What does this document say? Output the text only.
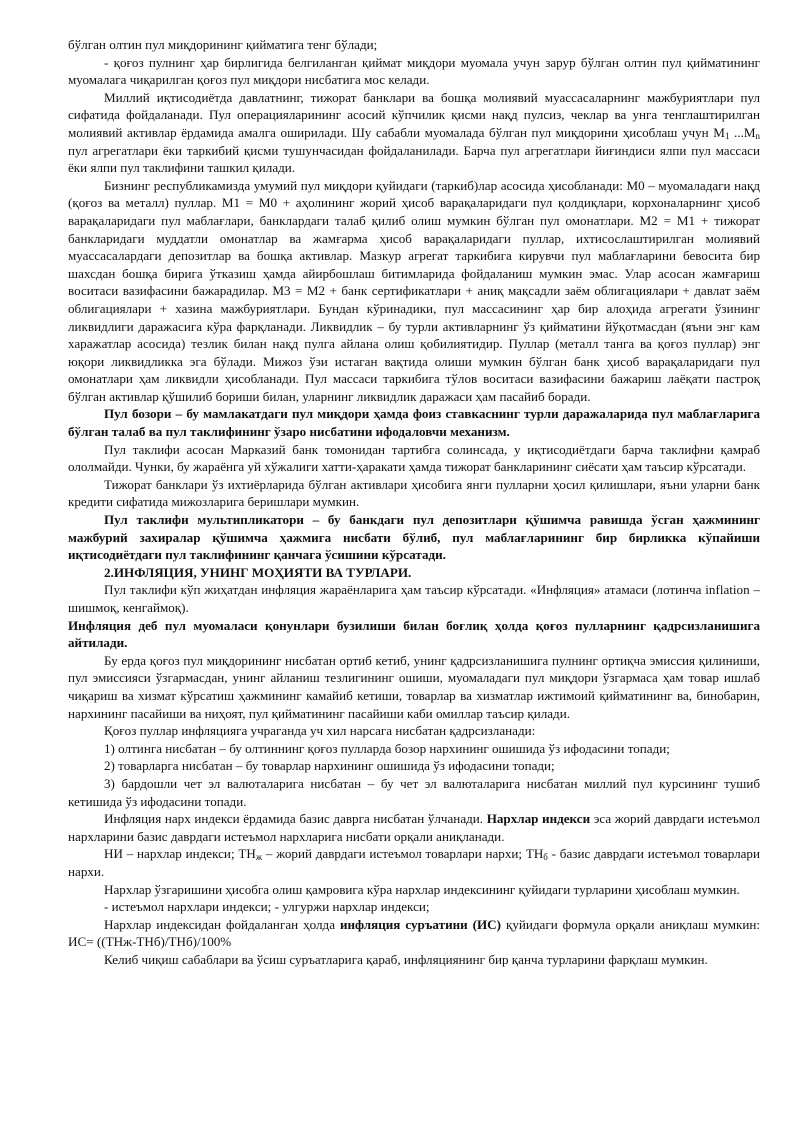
бўлган олтин пул миқдорининг қийматига тенг бўлади;

- қоғоз пулнинг ҳар бирлигида белгиланган қиймат миқдори муомала учун зарур бўлган олтин пул қийматининг муомалага чиқарилган қоғоз пул миқдори нисбатига мос келади.

Миллий иқтисодиётда давлатнинг, тижорат банклари ва бошқа молиявий муассасаларнинг мажбуриятлари пул сифатида фойдаланади. Пул операцияларининг асосий кўпчилик қисми нақд пулсиз, чеклар ва унга тенглаштирилган молиявий активлар ёрдамида амалга оширилади. Шу сабабли муомалада бўлган пул миқдорини ҳисоблаш учун $М_1$ $...М_n$ пул агрегатлари ёки таркибий қисми тушунчасидан фойдаланилади. Барча пул агрегатлари йиғиндиси ялпи пул массаси ёки ялпи пул таклифини ташкил қилади.

Бизнинг республикамизда умумий пул миқдори қуйидаги (таркиб)лар асосида ҳисобланади: М0 – муомаладаги нақд (қоғоз ва металл) пуллар. М1 = М0 + аҳолининг жорий ҳисоб варақаларидаги пул қолдиқлари, корхоналарнинг ҳисоб варақаларидаги пул маблағлари, банклардаги талаб қилиб олиш мумкин бўлган пул омонатлари. М2 = М1 + тижорат банкларидаги муддатли омонатлар ва жамғарма ҳисоб варақаларидаги пуллар, ихтисослаштирилган молиявий муассасалардаги депозитлар ва бошқа активлар. Мазкур агрегат таркибига кирувчи пул маблағларини бевосита бир шахсдан бошқа бирига ўтказиш ҳамда айирбошлаш битимларида фойдаланиш мумкин эмас. Улар асосан жамғариш воситаси вазифасини бажарадилар. М3 = М2 + банк сертификатлари + аниқ мақсадли заём облигациялари + давлат заём облигациялари + хазина мажбуриятлари. Бундан кўринадики, пул массасининг ҳар бир алоҳида агрегати ўзининг ликвидлиги даражасига кўра фарқланади. Ликвидлик – бу турли активларнинг ўз қийматини йўқотмасдан (яъни энг кам харажатлар асосида) тезлик билан нақд пулга айлана олиш қобилиятидир. Пуллар (металл танга ва қоғоз пуллар) энг юқори ликвидликка эга бўлади. Мижоз ўзи истаган вақтида олиши мумкин бўлган банк ҳисоб варақаларидаги пул омонатлари ҳам ликвидли ҳисобланади. Пул массаси таркибига тўлов воситаси вазифасини бажариш лаёқати пастроқ бўлган активлар қўшилиб бориши билан, уларнинг ликвидлик даражаси ҳам пасайиб боради.

Пул бозори – бу мамлакатдаги пул миқдори ҳамда фоиз ставкаснинг турли даражаларида пул маблағларига бўлган талаб ва пул таклифининг ўзаро нисбатини ифодаловчи механизм.

Пул таклифи асосан Марказий банк томонидан тартибга солинсада, у иқтисодиётдаги барча таклифни қамраб ололмайди. Чунки, бу жараёнга уй хўжалиги хатти-ҳаракати ҳамда тижорат банкларининг сиёсати ҳам таъсир кўрсатади.

Тижорат банклари ўз ихтиёрларида бўлган активлари ҳисобига янги пулларни ҳосил қилишлари, яъни уларни банк кредити сифатида мижозларига беришлари мумкин.

Пул таклифи мультипликатори – бу банкдаги пул депозитлари қўшимча равишда ўсган ҳажмининг мажбурий захиралар қўшимча ҳажмига нисбати бўлиб, пул маблағларининг бир бирликка кўпайиши иқтисодиётдаги пул таклифининг қанчага ўсишини кўрсатади.

2.ИНФЛЯЦИЯ, УНИНГ МОҲИЯТИ ВА ТУРЛАРИ.

Пул таклифи кўп жиҳатдан инфляция жараёнларига ҳам таъсир кўрсатади. «Инфляция» атамаси (лотинча inflation – шишмоқ, кенгаймоқ).

Инфляция деб пул муомаласи қонунлари бузилиши билан боғлиқ ҳолда қоғоз пулларнинг қадрсизланишига айтилади.

Бу ерда қоғоз пул миқдорининг нисбатан ортиб кетиб, унинг қадрсизланишига пулнинг ортиқча эмиссия қилиниши, пул эмиссияси ўзгармасдан, унинг айланиш тезлигининг ошиши, муомаладаги пул миқдори ўзгармаса ҳам товар ишлаб чиқариш ва хизмат кўрсатиш ҳажмининг камайиб кетиши, товарлар ва хизматлар ижтимоий қийматининг ва, бинобарин, нархининг пасайиши ва ниҳоят, пул қийматининг пасайиши каби омиллар таъсир қилади.

Қоғоз пуллар инфляцияга учраганда уч хил нарсага нисбатан қадрсизланади:

1) олтинга нисбатан – бу олтиннинг қоғоз пулларда бозор нархининг ошишида ўз ифодасини топади;

2) товарларга нисбатан – бу товарлар нархининг ошишида ўз ифодасини топади;

3) бардошли чет эл валюталарига нисбатан – бу чет эл валюталарига нисбатан миллий пул курсининг тушиб кетишида ўз ифодасини топади.

Инфляция нарх индекси ёрдамида базис даврга нисбатан ўлчанади. Нархлар индекси эса жорий даврдаги истеъмол нархларини базис даврдаги истеъмол нархларига нисбати орқали аниқланади.

НИ – нархлар индекси; $ТН_ж$ – жорий даврдаги истеъмол товарлари нархи; $ТН_б$ - базис даврдаги истеъмол товарлари нархи.

Нархлар ўзгаришини ҳисобга олиш қамровига кўра нархлар индексининг қуйидаги турларини ҳисоблаш мумкин.

- истеъмол нархлари индекси; - улгуржи нархлар индекси;

Нархлар индексидан фойдаланган ҳолда инфляция суръатини (ИС) қуйидаги формула орқали аниқлаш мумкин: ИС= ((ТНж-ТНб)/ТНб)/100%

Келиб чиқиш сабаблари ва ўсиш суръатларига қараб, инфляциянинг бир қанча турларини фарқлаш мумкин.
